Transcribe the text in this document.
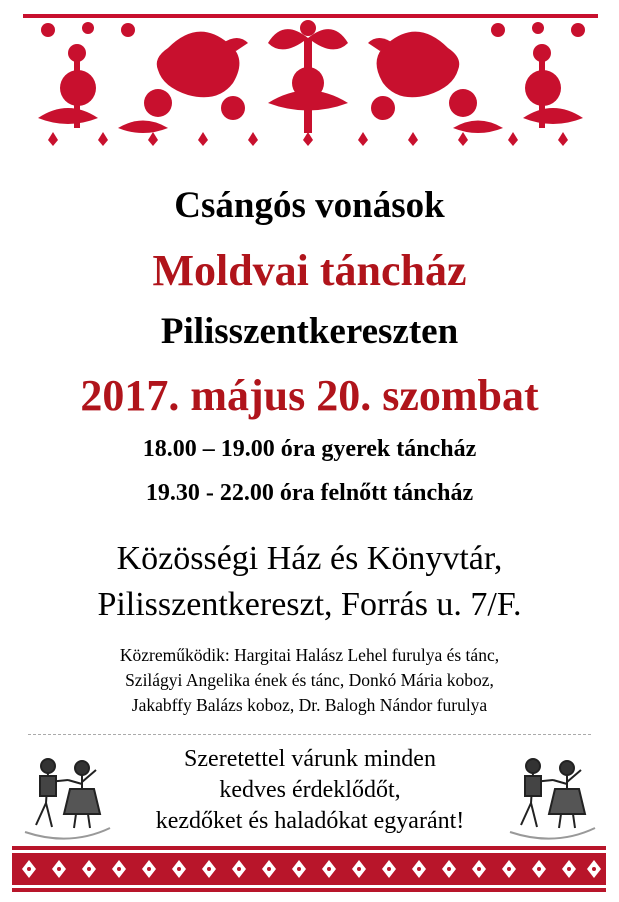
Csángós vonások
Moldvai táncház
Pilisszentkereszten
2017. május 20. szombat
18.00 – 19.00 óra gyerek táncház
19.30 - 22.00 óra felnőtt táncház
Közösségi Ház és Könyvtár,
Pilisszentkereszt, Forrás u. 7/F.
Közreműködik: Hargitai Halász Lehel furulya és tánc,
Szilágyi Angelika ének és tánc, Donkó Mária koboz,
Jakabffy Balázs koboz, Dr. Balogh Nándor furulya
Szeretettel várunk minden
kedves érdeklődőt,
kezdőket és haladókat egyaránt!
